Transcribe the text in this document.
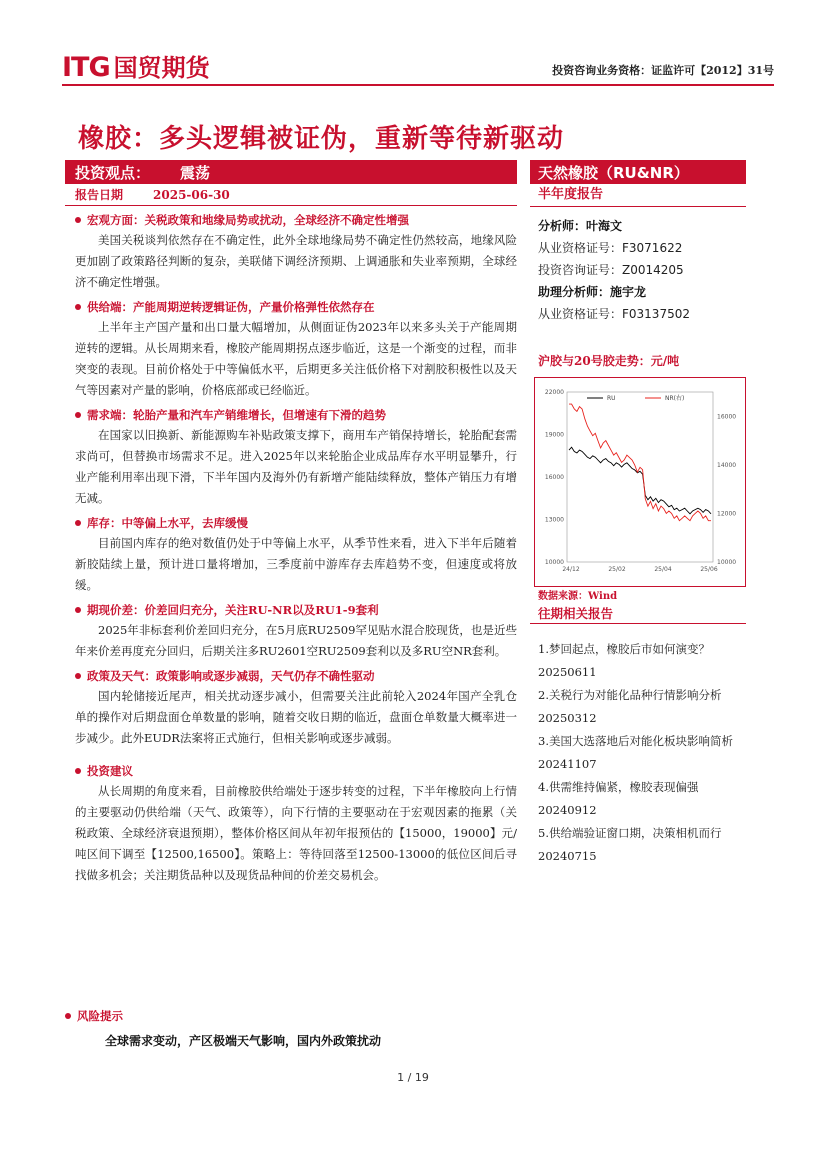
ITG 国贸期货	投资咨询业务资格：证监许可【2012】31号
橡胶：多头逻辑被证伪，重新等待新驱动
投资观点： 震荡
报告日期	2025-06-30
宏观方面：关税政策和地缘局势或扰动，全球经济不确定性增强
美国关税谈判依然存在不确定性，此外全球地缘局势不确定性仍然较高，地缘风险更加剧了政策路径判断的复杂，美联储下调经济预期、上调通胀和失业率预期，全球经济不确定性增强。
供给端：产能周期逆转逻辑证伪，产量价格弹性依然存在
上半年主产国产量和出口量大幅增加，从侧面证伪2023年以来多头关于产能周期逆转的逻辑。从长周期来看，橡胶产能周期拐点逐步临近，这是一个渐变的过程，而非突变的表现。目前价格处于中等偏低水平，后期更多关注低价格下对割胶积极性以及天气等因素对产量的影响，价格底部或已经临近。
需求端：轮胎产量和汽车产销维增长，但增速有下滑的趋势
在国家以旧换新、新能源购车补贴政策支撑下，商用车产销保持增长，轮胎配套需求尚可，但替换市场需求不足。进入2025年以来轮胎企业成品库存水平明显攀升，行业产能利用率出现下滑，下半年国内及海外仍有新增产能陆续释放，整体产销压力有增无减。
库存：中等偏上水平，去库缓慢
目前国内库存的绝对数值仍处于中等偏上水平，从季节性来看，进入下半年后随着新胶陆续上量，预计进口量将增加，三季度前中游库存去库趋势不变，但速度或将放缓。
期现价差：价差回归充分，关注RU-NR以及RU1-9套利
2025年非标套利价差回归充分，在5月底RU2509罕见贴水混合胶现货，也是近些年来价差再度充分回归，后期关注多RU2601空RU2509套利以及多RU空NR套利。
政策及天气：政策影响或逐步减弱，天气仍存不确性驱动
国内轮储接近尾声，相关扰动逐步减小，但需要关注此前轮入2024年国产全乳仓单的操作对后期盘面仓单数量的影响，随着交收日期的临近，盘面仓单数量大概率进一步减少。此外EUDR法案将正式施行，但相关影响或逐步减弱。
投资建议
从长周期的角度来看，目前橡胶供给端处于逐步转变的过程，下半年橡胶向上行情的主要驱动仍供给端（天气、政策等），向下行情的主要驱动在于宏观因素的拖累（关税政策、全球经济衰退预期），整体价格区间从年初年报预估的【15000，19000】元/吨区间下调至【12500,16500】。策略上：等待回落至12500-13000的低位区间后寻找做多机会；关注期货品种以及现货品种间的价差交易机会。
风险提示
全球需求变动，产区极端天气影响，国内外政策扰动
天然橡胶（RU&NR）
半年度报告
分析师：叶海文
从业资格证号：F3071622
投资咨询证号：Z0014205
助理分析师：施宇龙
从业资格证号：F03137502
沪胶与20号胶走势：元/吨
10000
13000
16000
19000
22000
10000
12000
14000
16000
24/12	25/02	25/04	25/06
RU	NR(右)
数据来源：Wind
往期相关报告
1.梦回起点，橡胶后市如何演变？20250611
2.关税行为对能化品种行情影响分析20250312
3.美国大选落地后对能化板块影响简析20241107
4.供需维持偏紧，橡胶表现偏强20240912
5.供给端验证窗口期，决策相机而行20240715
1 / 19
